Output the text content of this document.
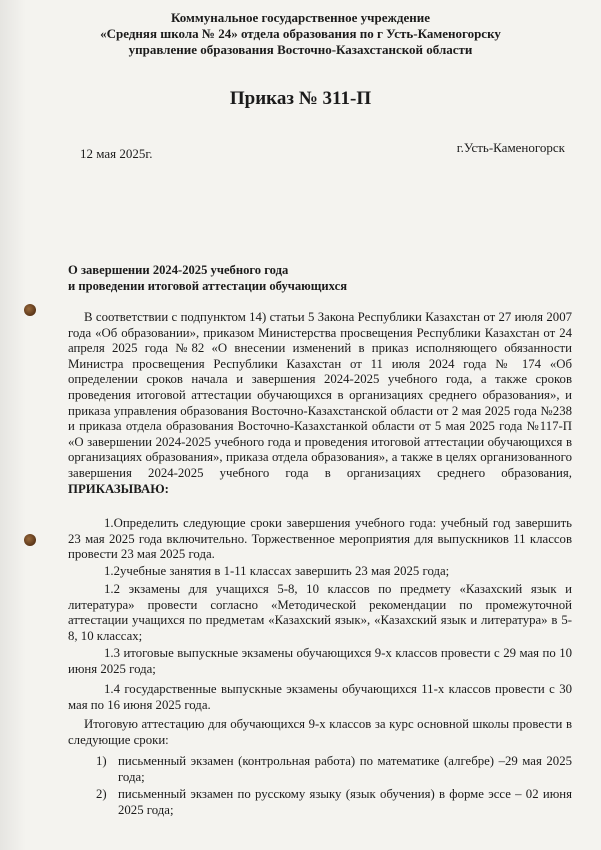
Коммунальное государственное учреждение
«Средняя школа № 24» отдела образования по г Усть-Каменогорску
управление образования Восточно-Казахстанской области
Приказ № 311-П
12 мая 2025г.	г.Усть-Каменогорск
О завершении 2024-2025 учебного года
и проведении итоговой аттестации обучающихся
В соответствии с подпунктом 14) статьи 5 Закона Республики Казахстан от 27 июля 2007 года «Об образовании», приказом Министерства просвещения Республики Казахстан от 24 апреля 2025 года №82 «О внесении изменений в приказ исполняющего обязанности Министра просвещения Республики Казахстан от 11 июля 2024 года № 174 «Об определении сроков начала и завершения 2024-2025 учебного года, а также сроков проведения итоговой аттестации обучающихся в организациях среднего образования», и приказа управления образования Восточно-Казахстанской области от 2 мая 2025 года №238 и приказа отдела образования Восточно-Казахстанкой области от 5 мая 2025 года №117-П «О завершении 2024-2025 учебного года и проведения итоговой аттестации обучающихся в организациях образования», приказа отдела образования», а также в целях организованного завершения 2024-2025 учебного года в организациях среднего образования, ПРИКАЗЫВАЮ:
1.Определить следующие сроки завершения учебного года: учебный год завершить 23 мая 2025 года включительно. Торжественное мероприятия для выпускников 11 классов провести 23 мая 2025 года.
1.2учебные занятия в 1-11 классах завершить 23 мая 2025 года;
1.2 экзамены для учащихся 5-8, 10 классов по предмету «Казахский язык и литература» провести согласно «Методической рекомендации по промежуточной аттестации учащихся по предметам «Казахский язык», «Казахский язык и литература» в 5-8, 10 классах;
1.3 итоговые выпускные экзамены обучающихся 9-х классов провести с 29 мая по 10 июня 2025 года;
1.4 государственные выпускные экзамены обучающихся 11-х классов провести с 30 мая по 16 июня 2025 года.
Итоговую аттестацию для обучающихся 9-х классов за курс основной школы провести в следующие сроки:
1) письменный экзамен (контрольная работа) по математике (алгебре) –29 мая 2025 года;
2) письменный экзамен по русскому языку (язык обучения) в форме эссе – 02 июня 2025 года;
